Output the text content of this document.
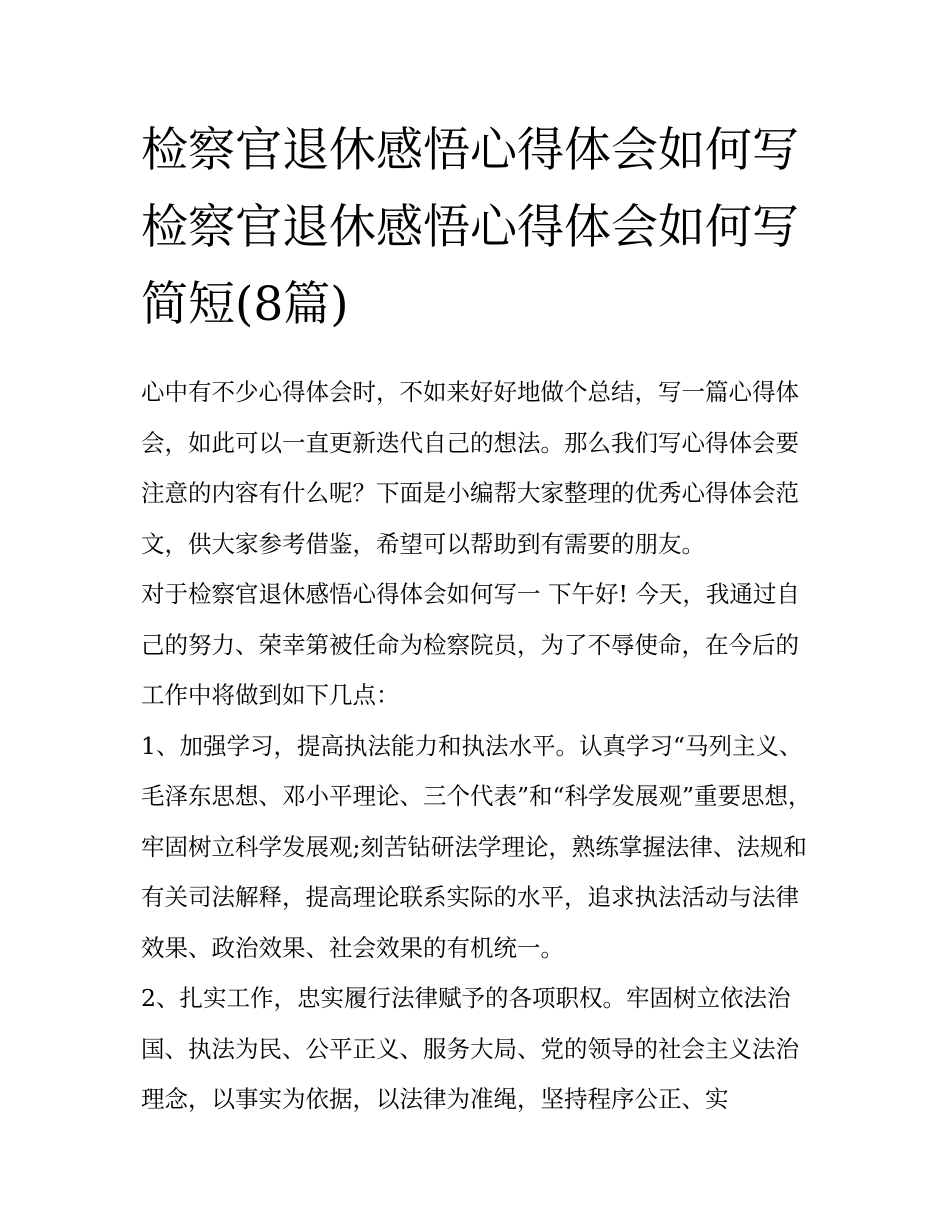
检察官退休感悟心得体会如何写 检察官退休感悟心得体会如何写简短(8篇)

心中有不少心得体会时，不如来好好地做个总结，写一篇心得体会，如此可以一直更新迭代自己的想法。那么我们写心得体会要注意的内容有什么呢？下面是小编帮大家整理的优秀心得体会范文，供大家参考借鉴，希望可以帮助到有需要的朋友。

对于检察官退休感悟心得体会如何写一 下午好! 今天，我通过自己的努力、荣幸第被任命为检察院员，为了不辱使命，在今后的工作中将做到如下几点：

1、加强学习，提高执法能力和执法水平。认真学习“马列主义、毛泽东思想、邓小平理论、三个代表”和“科学发展观”重要思想，牢固树立科学发展观;刻苦钻研法学理论，熟练掌握法律、法规和有关司法解释，提高理论联系实际的水平，追求执法活动与法律效果、政治效果、社会效果的有机统一。

2、扎实工作，忠实履行法律赋予的各项职权。牢固树立依法治国、执法为民、公平正义、服务大局、党的领导的社会主义法治理念，以事实为依据，以法律为准绳，坚持程序公正、实
